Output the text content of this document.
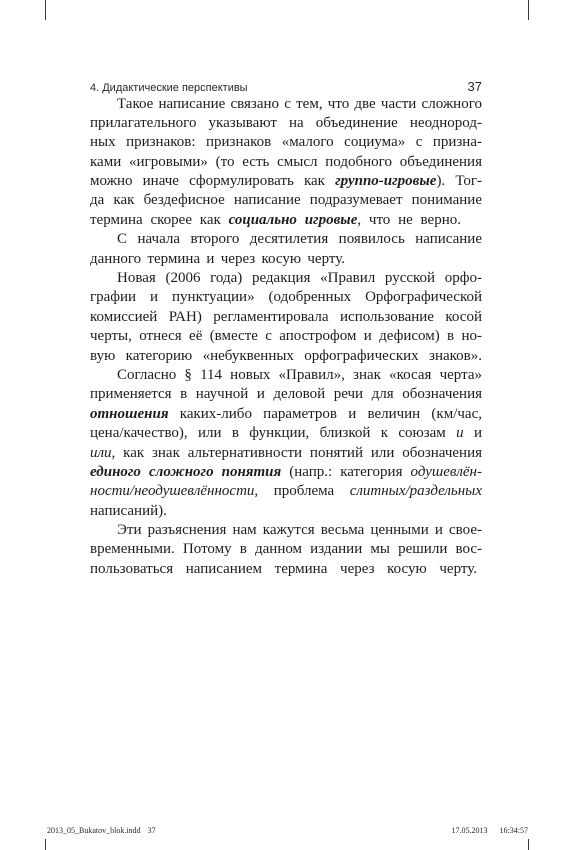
4. Дидактические перспективы	37
Такое написание связано с тем, что две части сложного
прилагательного указывают на объединение неоднород-
ных признаков: признаков «малого социума» с призна-
ками «игровыми» (то есть смысл подобного объединения
можно иначе сформулировать как группо-игровые). Тог-
да как бездефисное написание подразумевает понимание
термина скорее как социально игровые, что не верно.
С начала второго десятилетия появилось написание
данного термина и через косую черту.
Новая (2006 года) редакция «Правил русской орфо-
графии и пунктуации» (одобренных Орфографической
комиссией РАН) регламентировала использование косой
черты, отнеся её (вместе с апострофом и дефисом) в но-
вую категорию «небуквенных орфографических знаков».
Согласно § 114 новых «Правил», знак «косая черта»
применяется в научной и деловой речи для обозначения
отношения каких-либо параметров и величин (км/час,
цена/качество), или в функции, близкой к союзам и и
или, как знак альтернативности понятий или обозначения
единого сложного понятия (напр.: категория одушевлён-
ности/неодушевлённости, проблема слитных/раздельных
написаний).
Эти разъяснения нам кажутся весьма ценными и свое-
временными. Потому в данном издании мы решили вос-
пользоваться написанием термина через косую черту.
2013_05_Bukatov_blok.indd 37	17.05.2013 16:34:57
